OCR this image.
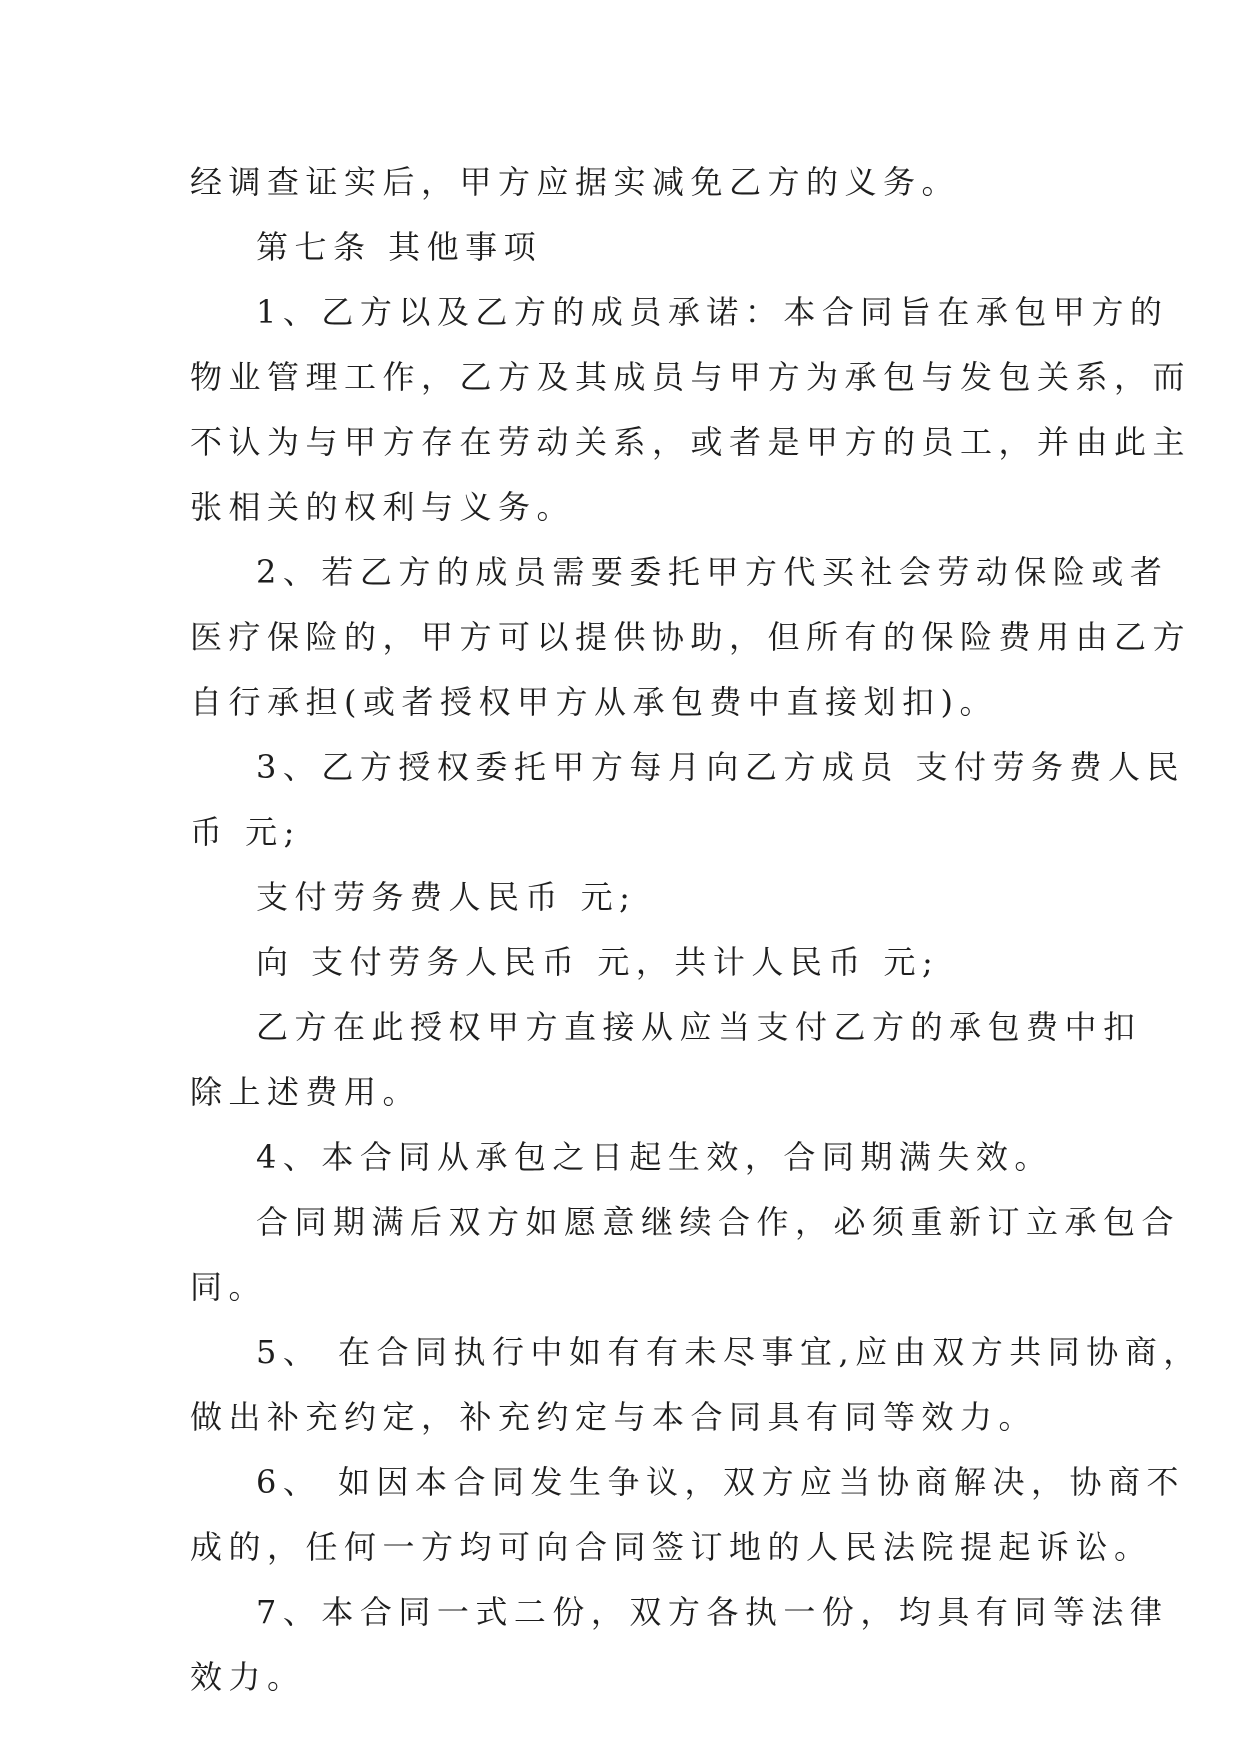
经调查证实后，甲方应据实减免乙方的义务。
第七条 其他事项
1、乙方以及乙方的成员承诺：本合同旨在承包甲方的
物业管理工作，乙方及其成员与甲方为承包与发包关系，而
不认为与甲方存在劳动关系，或者是甲方的员工，并由此主
张相关的权利与义务。
2、若乙方的成员需要委托甲方代买社会劳动保险或者
医疗保险的，甲方可以提供协助，但所有的保险费用由乙方
自行承担(或者授权甲方从承包费中直接划扣)。
3、乙方授权委托甲方每月向乙方成员 支付劳务费人民
币 元;
支付劳务费人民币 元;
向 支付劳务人民币 元，共计人民币 元;
乙方在此授权甲方直接从应当支付乙方的承包费中扣
除上述费用。
4、本合同从承包之日起生效，合同期满失效。
合同期满后双方如愿意继续合作，必须重新订立承包合
同。
5、 在合同执行中如有有未尽事宜,应由双方共同协商，
做出补充约定，补充约定与本合同具有同等效力。
6、 如因本合同发生争议，双方应当协商解决，协商不
成的，任何一方均可向合同签订地的人民法院提起诉讼。
7、本合同一式二份，双方各执一份，均具有同等法律
效力。
